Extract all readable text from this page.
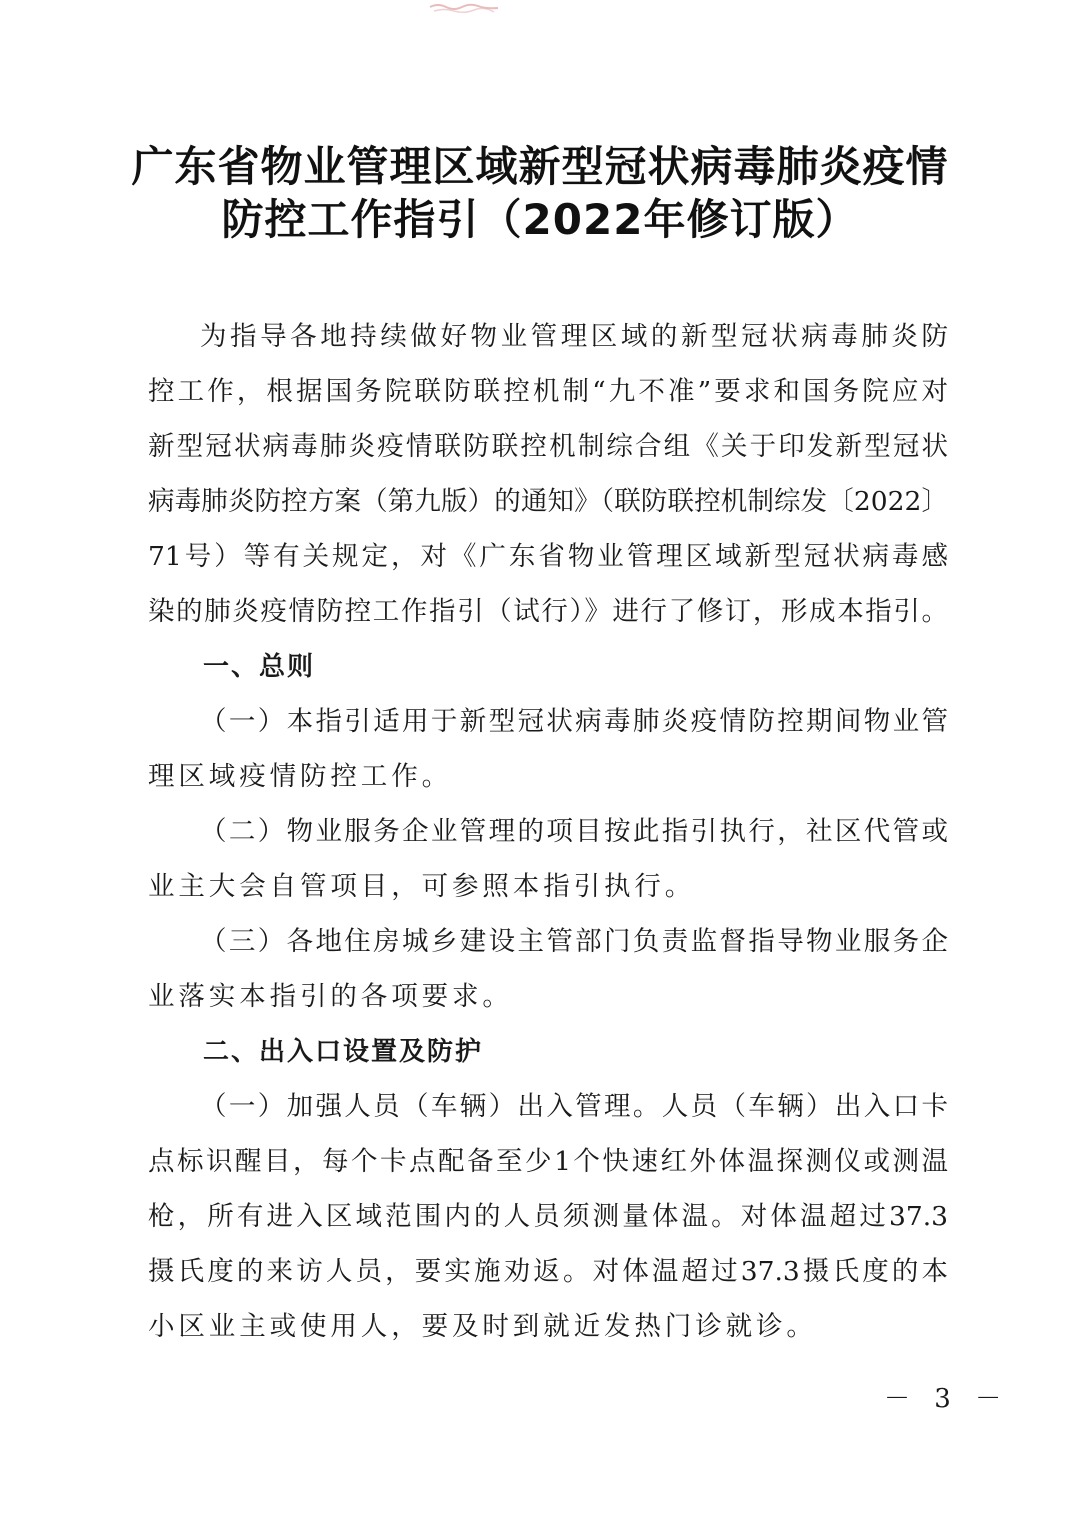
广东省物业管理区域新型冠状病毒肺炎疫情
防控工作指引（2022年修订版）
为指导各地持续做好物业管理区域的新型冠状病毒肺炎防
控工作，根据国务院联防联控机制“九不准”要求和国务院应对
新型冠状病毒肺炎疫情联防联控机制综合组《关于印发新型冠状
病毒肺炎防控方案（第九版）的通知》（联防联控机制综发〔2022〕
71号）等有关规定，对《广东省物业管理区域新型冠状病毒感
染的肺炎疫情防控工作指引（试行）》进行了修订，形成本指引。
一、总则
（一）本指引适用于新型冠状病毒肺炎疫情防控期间物业管
理区域疫情防控工作。
（二）物业服务企业管理的项目按此指引执行，社区代管或
业主大会自管项目，可参照本指引执行。
（三）各地住房城乡建设主管部门负责监督指导物业服务企
业落实本指引的各项要求。
二、出入口设置及防护
（一）加强人员（车辆）出入管理。人员（车辆）出入口卡
点标识醒目，每个卡点配备至少1个快速红外体温探测仪或测温
枪，所有进入区域范围内的人员须测量体温。对体温超过37.3
摄氏度的来访人员，要实施劝返。对体温超过37.3摄氏度的本
小区业主或使用人，要及时到就近发热门诊就诊。
－ 3 －
